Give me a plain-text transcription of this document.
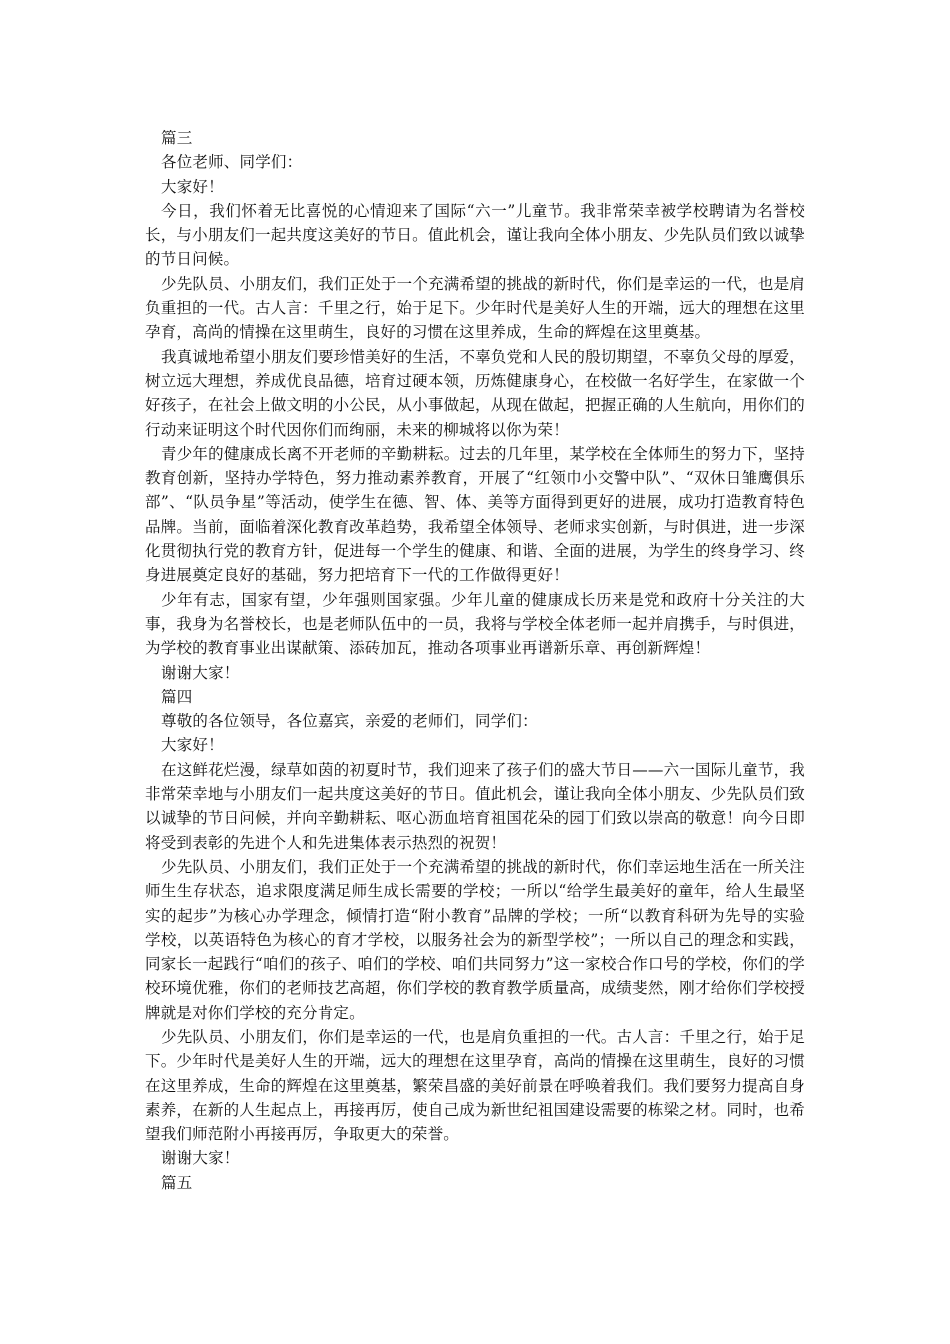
篇三

各位老师、同学们：

大家好！

今日，我们怀着无比喜悦的心情迎来了国际“六一”儿童节。我非常荣幸被学校聘请为名誉校长，与小朋友们一起共度这美好的节日。值此机会，谨让我向全体小朋友、少先队员们致以诚挚的节日问候。

少先队员、小朋友们，我们正处于一个充满希望的挑战的新时代，你们是幸运的一代，也是肩负重担的一代。古人言：千里之行，始于足下。少年时代是美好人生的开端，远大的理想在这里孕育，高尚的情操在这里萌生，良好的习惯在这里养成，生命的辉煌在这里奠基。

我真诚地希望小朋友们要珍惜美好的生活，不辜负党和人民的殷切期望，不辜负父母的厚爱，树立远大理想，养成优良品德，培育过硬本领，历炼健康身心，在校做一名好学生，在家做一个好孩子，在社会上做文明的小公民，从小事做起，从现在做起，把握正确的人生航向，用你们的行动来证明这个时代因你们而绚丽，未来的柳城将以你为荣！

青少年的健康成长离不开老师的辛勤耕耘。过去的几年里，某学校在全体师生的努力下，坚持教育创新，坚持办学特色，努力推动素养教育，开展了“红领巾小交警中队”、“双休日雏鹰俱乐部”、“队员争星”等活动，使学生在德、智、体、美等方面得到更好的进展，成功打造教育特色品牌。当前，面临着深化教育改革趋势，我希望全体领导、老师求实创新，与时俱进，进一步深化贯彻执行党的教育方针，促进每一个学生的健康、和谐、全面的进展，为学生的终身学习、终身进展奠定良好的基础，努力把培育下一代的工作做得更好！

少年有志，国家有望，少年强则国家强。少年儿童的健康成长历来是党和政府十分关注的大事，我身为名誉校长，也是老师队伍中的一员，我将与学校全体老师一起并肩携手，与时俱进，为学校的教育事业出谋献策、添砖加瓦，推动各项事业再谱新乐章、再创新辉煌！

谢谢大家！

篇四

尊敬的各位领导，各位嘉宾，亲爱的老师们，同学们：

大家好！

在这鲜花烂漫，绿草如茵的初夏时节，我们迎来了孩子们的盛大节日——六一国际儿童节，我非常荣幸地与小朋友们一起共度这美好的节日。值此机会，谨让我向全体小朋友、少先队员们致以诚挚的节日问候，并向辛勤耕耘、呕心沥血培育祖国花朵的园丁们致以崇高的敬意！向今日即将受到表彰的先进个人和先进集体表示热烈的祝贺！

少先队员、小朋友们，我们正处于一个充满希望的挑战的新时代，你们幸运地生活在一所关注师生生存状态，追求限度满足师生成长需要的学校；一所以“给学生最美好的童年，给人生最坚实的起步”为核心办学理念，倾情打造“附小教育”品牌的学校；一所“以教育科研为先导的实验学校，以英语特色为核心的育才学校，以服务社会为的新型学校”；一所以自己的理念和实践，同家长一起践行“咱们的孩子、咱们的学校、咱们共同努力”这一家校合作口号的学校，你们的学校环境优雅，你们的老师技艺高超，你们学校的教育教学质量高，成绩斐然，刚才给你们学校授牌就是对你们学校的充分肯定。

少先队员、小朋友们，你们是幸运的一代，也是肩负重担的一代。古人言：千里之行，始于足下。少年时代是美好人生的开端，远大的理想在这里孕育，高尚的情操在这里萌生，良好的习惯在这里养成，生命的辉煌在这里奠基，繁荣昌盛的美好前景在呼唤着我们。我们要努力提高自身素养，在新的人生起点上，再接再厉，使自己成为新世纪祖国建设需要的栋梁之材。同时，也希望我们师范附小再接再厉，争取更大的荣誉。

谢谢大家！

篇五
